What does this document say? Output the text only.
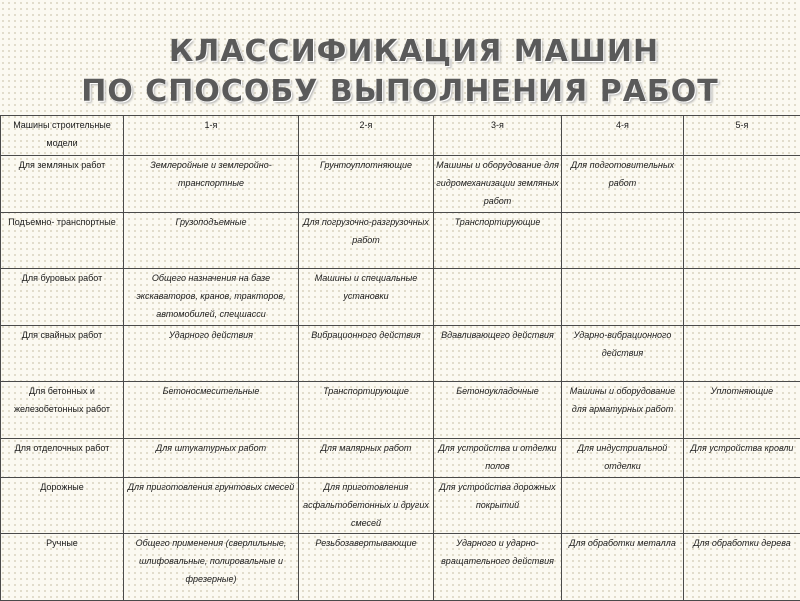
КЛАССИФИКАЦИЯ МАШИН
ПО СПОСОБУ ВЫПОЛНЕНИЯ РАБОТ
Машины строительные модели	1-я	2-я	3-я	4-я	5-я
Для земляных работ	Землеройные и землеройно-транспортные	Грунтоуплотняющие	Машины и оборудование для гидромеханизации земляных работ	Для подготовительных работ	
Подъемно- транспортные	Грузоподъемные	Для погрузочно-разгрузочных работ	Транспортирующие		
Для буровых работ	Общего назначения на базе экскаваторов, кранов, тракторов, автомобилей, спецшасси	Машины и специальные установки			
Для свайных работ	Ударного действия	Вибрационного действия	Вдавливающего действия	Ударно-вибрационного действия	
Для бетонных и железобетонных работ	Бетоносмесительные	Транспортирующие	Бетоноукладочные	Машины и оборудование для арматурных работ	Уплотняющие
Для отделочных работ	Для штукатурных работ	Для малярных работ	Для устройства и отделки полов	Для индустриальной отделки	Для устройства кровли
Дорожные	Для приготовления грунтовых смесей	Для приготовления асфальтобетонных и других смесей	Для устройства дорожных покрытий		
Ручные	Общего применения (сверлильные, шлифовальные, полировальные и фрезерные)	Резьбозавертывающие	Ударного и ударно-вращательного действия	Для обработки металла	Для обработки дерева
